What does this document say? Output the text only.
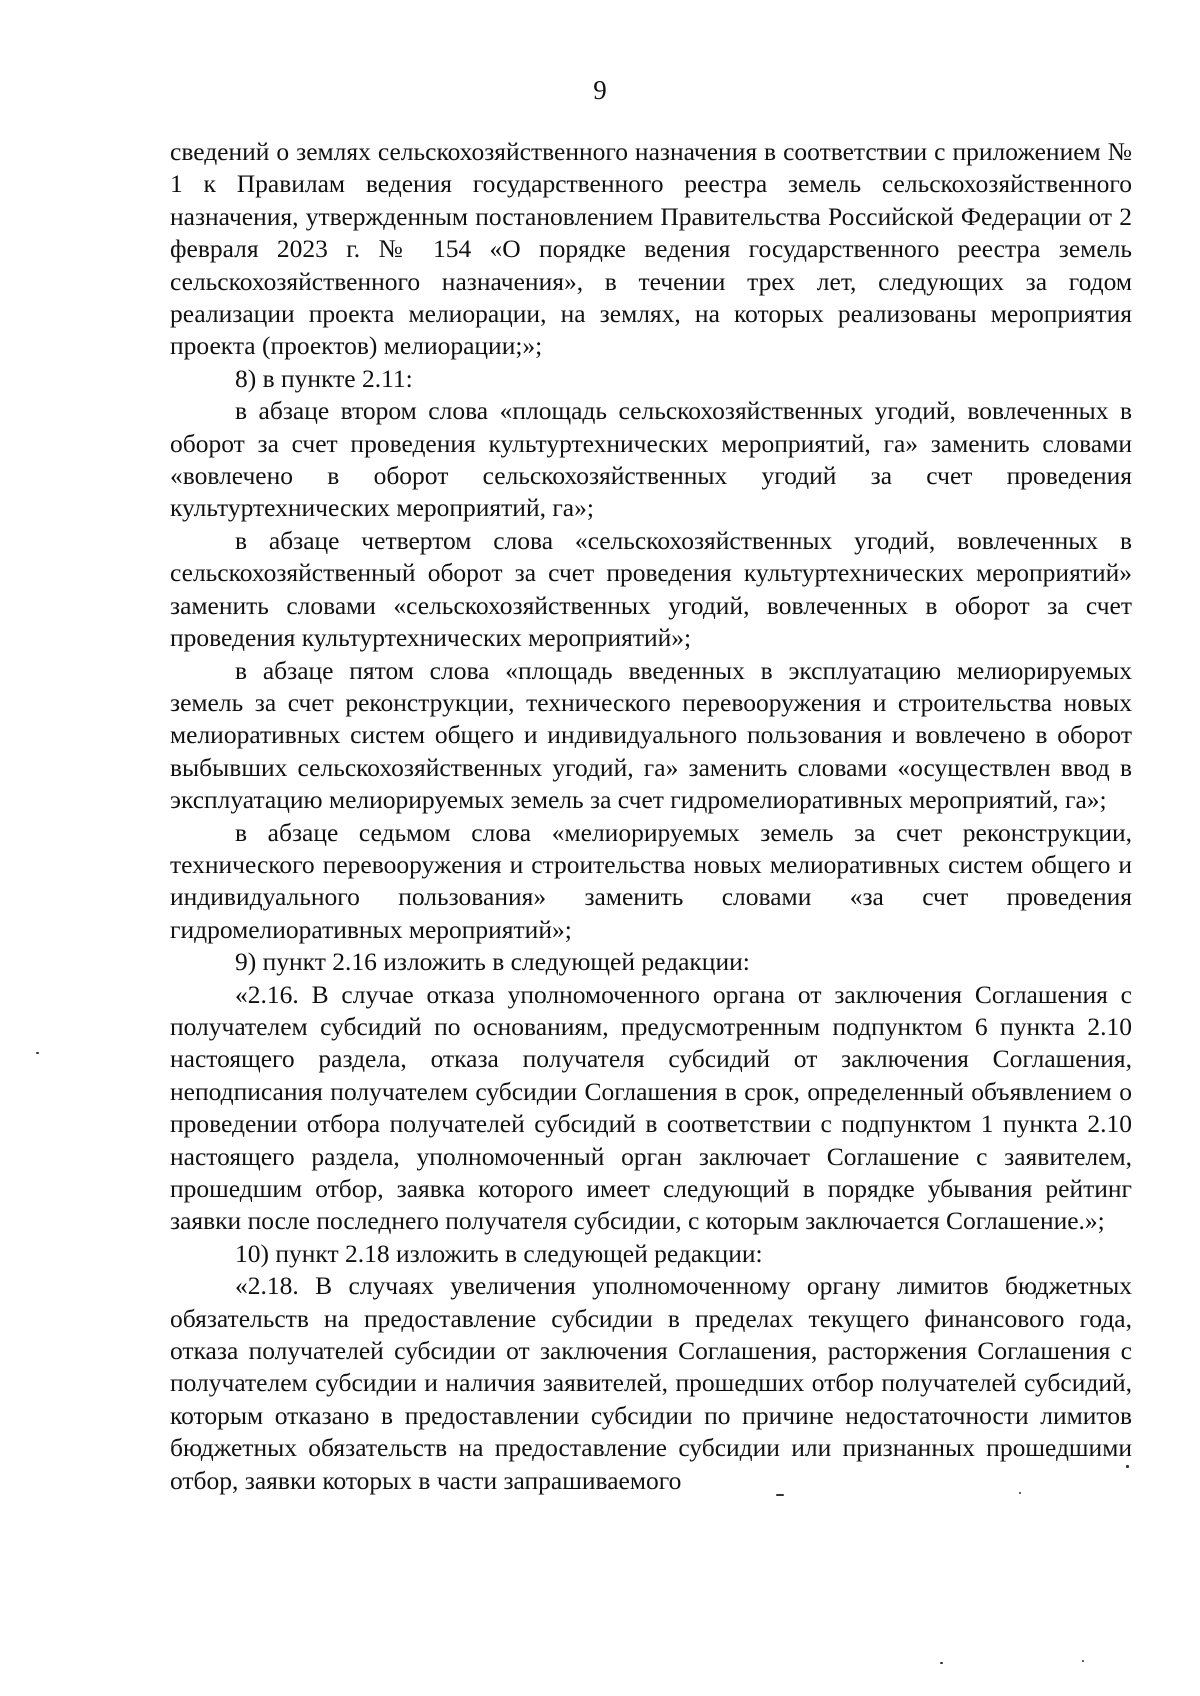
9

сведений о землях сельскохозяйственного назначения в соответствии с приложением № 1 к Правилам ведения государственного реестра земель сельскохозяйственного назначения, утвержденным постановлением Правительства Российской Федерации от 2 февраля 2023 г. № 154 «О порядке ведения государственного реестра земель сельскохозяйственного назначения», в течении трех лет, следующих за годом реализации проекта мелиорации, на землях, на которых реализованы мероприятия проекта (проектов) мелиорации;»;

8) в пункте 2.11:

в абзаце втором слова «площадь сельскохозяйственных угодий, вовлеченных в оборот за счет проведения культуртехнических мероприятий, га» заменить словами «вовлечено в оборот сельскохозяйственных угодий за счет проведения культуртехнических мероприятий, га»;

в абзаце четвертом слова «сельскохозяйственных угодий, вовлеченных в сельскохозяйственный оборот за счет проведения культуртехнических мероприятий» заменить словами «сельскохозяйственных угодий, вовлеченных в оборот за счет проведения культуртехнических мероприятий»;

в абзаце пятом слова «площадь введенных в эксплуатацию мелиорируемых земель за счет реконструкции, технического перевооружения и строительства новых мелиоративных систем общего и индивидуального пользования и вовлечено в оборот выбывших сельскохозяйственных угодий, га» заменить словами «осуществлен ввод в эксплуатацию мелиорируемых земель за счет гидромелиоративных мероприятий, га»;

в абзаце седьмом слова «мелиорируемых земель за счет реконструкции, технического перевооружения и строительства новых мелиоративных систем общего и индивидуального пользования» заменить словами «за счет проведения гидромелиоративных мероприятий»;

9) пункт 2.16 изложить в следующей редакции:

«2.16. В случае отказа уполномоченного органа от заключения Соглашения с получателем субсидий по основаниям, предусмотренным подпунктом 6 пункта 2.10 настоящего раздела, отказа получателя субсидий от заключения Соглашения, неподписания получателем субсидии Соглашения в срок, определенный объявлением о проведении отбора получателей субсидий в соответствии с подпунктом 1 пункта 2.10 настоящего раздела, уполномоченный орган заключает Соглашение с заявителем, прошедшим отбор, заявка которого имеет следующий в порядке убывания рейтинг заявки после последнего получателя субсидии, с которым заключается Соглашение.»;

10) пункт 2.18 изложить в следующей редакции:

«2.18. В случаях увеличения уполномоченному органу лимитов бюджетных обязательств на предоставление субсидии в пределах текущего финансового года, отказа получателей субсидии от заключения Соглашения, расторжения Соглашения с получателем субсидии и наличия заявителей, прошедших отбор получателей субсидий, которым отказано в предоставлении субсидии по причине недостаточности лимитов бюджетных обязательств на предоставление субсидии или признанных прошедшими отбор, заявки которых в части запрашиваемого
